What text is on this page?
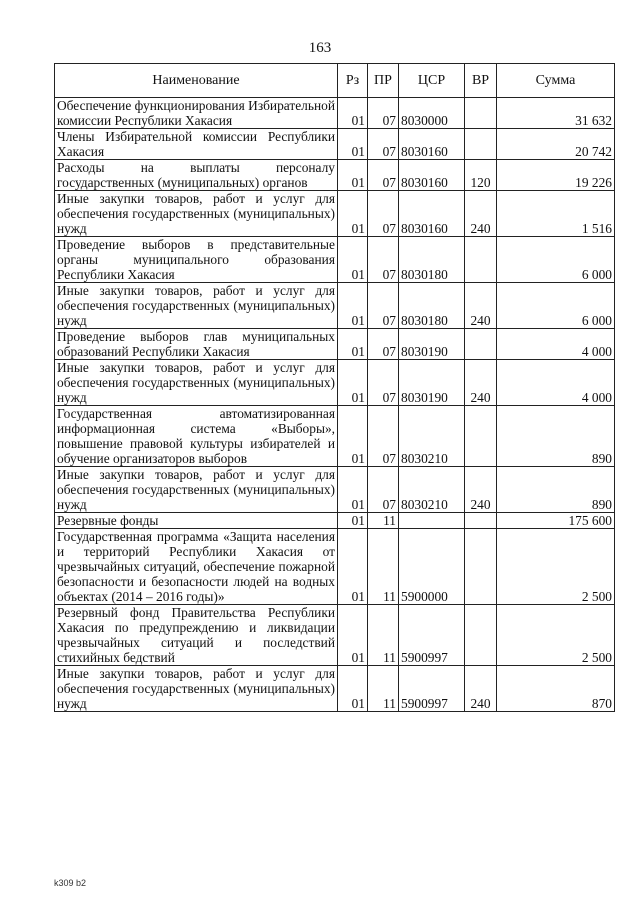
163
Наименование	Рз	ПР	ЦСР	ВР	Сумма
Обеспечение функционирования Избирательной комиссии Республики Хакасия	01	07	8030000		31 632
Члены Избирательной комиссии Республики Хакасия	01	07	8030160		20 742
Расходы на выплаты персоналу государственных (муниципальных) органов	01	07	8030160	120	19 226
Иные закупки товаров, работ и услуг для обеспечения государственных (муниципальных) нужд	01	07	8030160	240	1 516
Проведение выборов в представительные органы муниципального образования Республики Хакасия	01	07	8030180		6 000
Иные закупки товаров, работ и услуг для обеспечения государственных (муниципальных) нужд	01	07	8030180	240	6 000
Проведение выборов глав муниципальных образований Республики Хакасия	01	07	8030190		4 000
Иные закупки товаров, работ и услуг для обеспечения государственных (муниципальных) нужд	01	07	8030190	240	4 000
Государственная автоматизированная информационная система «Выборы», повышение правовой культуры избирателей и обучение организаторов выборов	01	07	8030210		890
Иные закупки товаров, работ и услуг для обеспечения государственных (муниципальных) нужд	01	07	8030210	240	890
Резервные фонды	01	11			175 600
Государственная программа «Защита населения и территорий Республики Хакасия от чрезвычайных ситуаций, обеспечение пожарной безопасности и безопасности людей на водных объектах (2014 – 2016 годы)»	01	11	5900000		2 500
Резервный фонд Правительства Республики Хакасия по предупреждению и ликвидации чрезвычайных ситуаций и последствий стихийных бедствий	01	11	5900997		2 500
Иные закупки товаров, работ и услуг для обеспечения государственных (муниципальных) нужд	01	11	5900997	240	870
k309 b2
